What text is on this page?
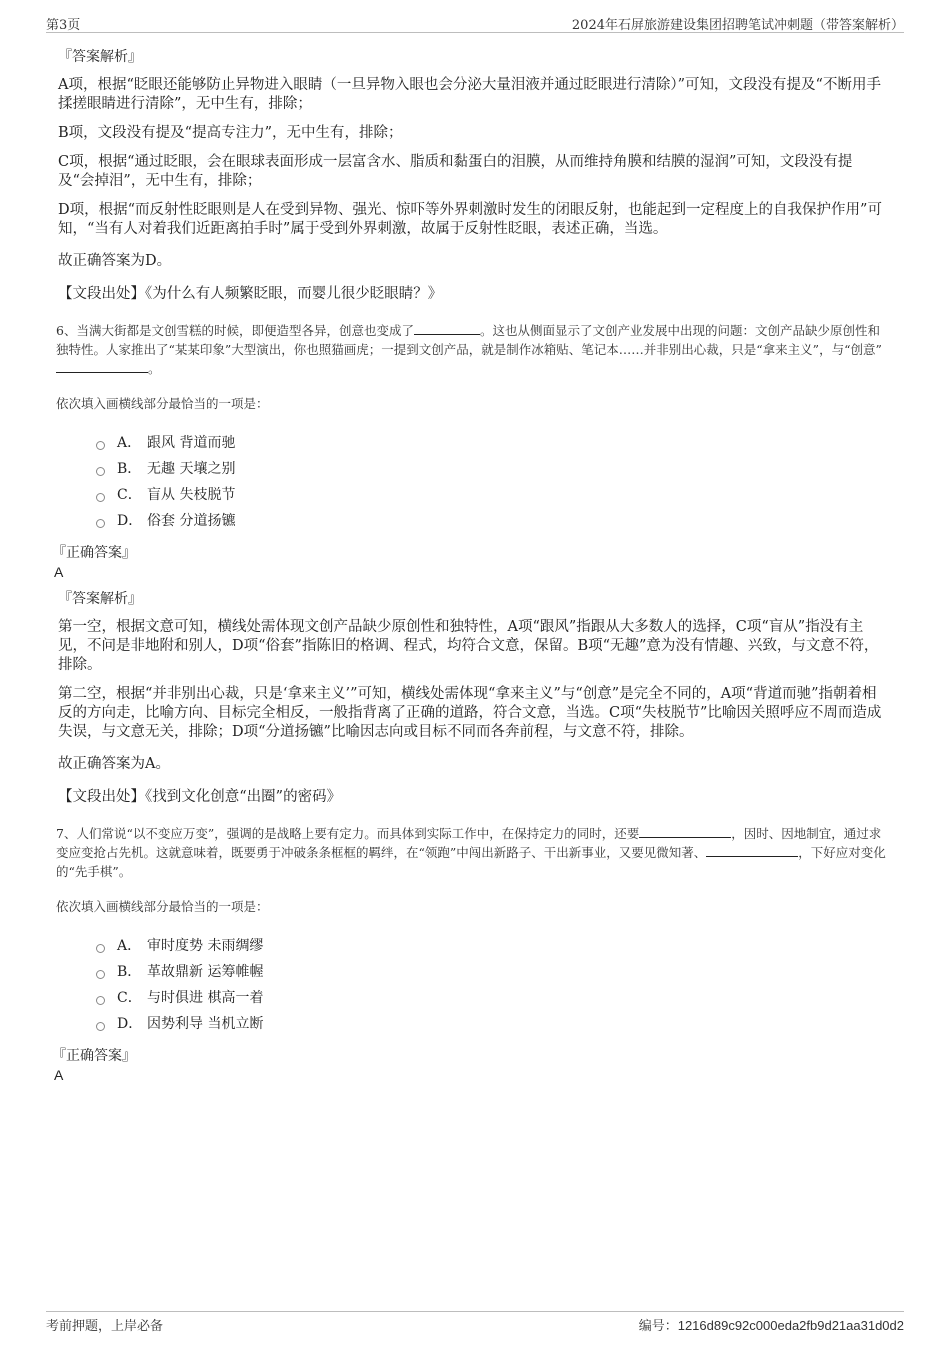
第3页	2024年石屏旅游建设集团招聘笔试冲刺题（带答案解析）
『答案解析』

A项，根据“眨眼还能够防止异物进入眼睛（一旦异物入眼也会分泌大量泪液并通过眨眼进行清除）”可知，文段没有提及“不断用手揉搓眼睛进行清除”，无中生有，排除；

B项，文段没有提及“提高专注力”，无中生有，排除；

C项，根据“通过眨眼，会在眼球表面形成一层富含水、脂质和黏蛋白的泪膜，从而维持角膜和结膜的湿润”可知，文段没有提及“会掉泪”，无中生有，排除；

D项，根据“而反射性眨眼则是人在受到异物、强光、惊吓等外界刺激时发生的闭眼反射，也能起到一定程度上的自我保护作用”可知，“当有人对着我们近距离拍手时”属于受到外界刺激，故属于反射性眨眼，表述正确，当选。

故正确答案为D。

【文段出处】《为什么有人频繁眨眼，而婴儿很少眨眼睛？》

6、当满大街都是文创雪糕的时候，即便造型各异，创意也变成了	。这也从侧面显示了文创产业发展中出现的问题：文创产品缺少原创性和独特性。人家推出了“某某印象”大型演出，你也照猫画虎；一提到文创产品，就是制作冰箱贴、笔记本……并非别出心裁，只是“拿来主义”，与“创意”。
依次填入画横线部分最恰当的一项是：
A． 跟风 背道而驰
B． 无趣 天壤之别
C． 盲从 失枝脱节
D． 俗套 分道扬镳
『正确答案』
A
『答案解析』

第一空，根据文意可知，横线处需体现文创产品缺少原创性和独特性，A项“跟风”指跟从大多数人的选择，C项“盲从”指没有主见，不问是非地附和别人，D项“俗套”指陈旧的格调、程式，均符合文意，保留。B项“无趣”意为没有情趣、兴致，与文意不符，排除。

第二空，根据“并非别出心裁，只是‘拿来主义’”可知，横线处需体现“拿来主义”与“创意”是完全不同的，A项“背道而驰”指朝着相反的方向走，比喻方向、目标完全相反，一般指背离了正确的道路，符合文意，当选。C项“失枝脱节”比喻因关照呼应不周而造成失误，与文意无关，排除；D项“分道扬镳”比喻因志向或目标不同而各奔前程，与文意不符，排除。

故正确答案为A。

【文段出处】《找到文化创意“出圈”的密码》

7、人们常说“以不变应万变”，强调的是战略上要有定力。而具体到实际工作中，在保持定力的同时，还要	，因时、因地制宜，通过求变应变抢占先机。这就意味着，既要勇于冲破条条框框的羁绊，在“领跑”中闯出新路子、干出新事业，又要见微知著、	，下好应对变化的“先手棋”。
依次填入画横线部分最恰当的一项是：
A． 审时度势 未雨绸缪
B． 革故鼎新 运筹帷幄
C． 与时俱进 棋高一着
D． 因势利导 当机立断
『正确答案』
A
考前押题，上岸必备	编号：1216d89c92c000eda2fb9d21aa31d0d2
